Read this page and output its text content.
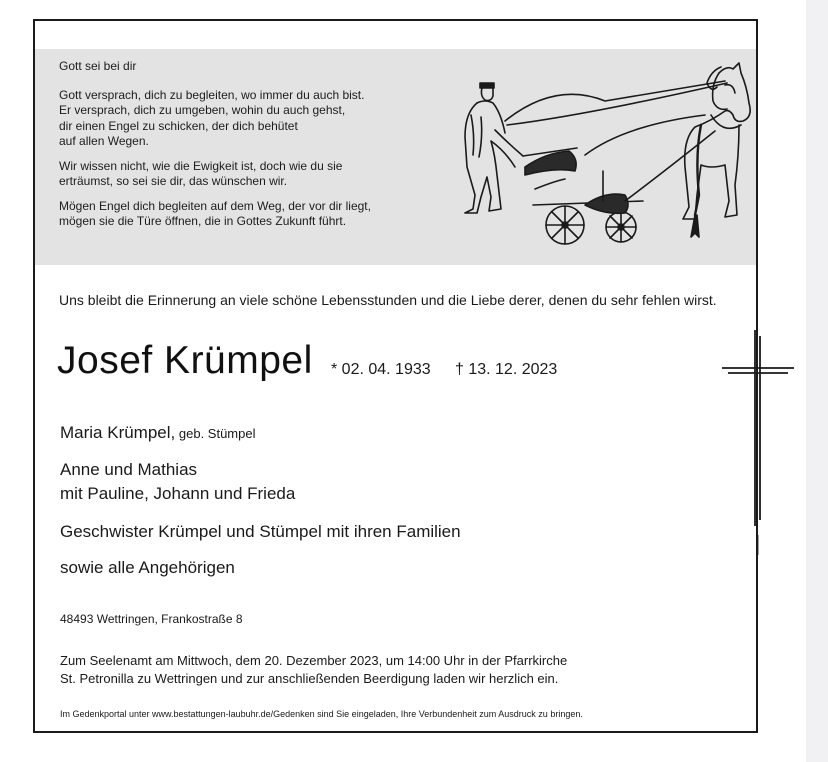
Gott sei bei dir

Gott versprach, dich zu begleiten, wo immer du auch bist.
Er versprach, dich zu umgeben, wohin du auch gehst,
dir einen Engel zu schicken, der dich behütet
auf allen Wegen.

Wir wissen nicht, wie die Ewigkeit ist, doch wie du sie
erträumst, so sei sie dir, das wünschen wir.

Mögen Engel dich begleiten auf dem Weg, der vor dir liegt,
mögen sie die Türe öffnen, die in Gottes Zukunft führt.

Uns bleibt die Erinnerung an viele schöne Lebensstunden und die Liebe derer, denen du sehr fehlen wirst.
Josef Krümpel * 02. 04. 1933 † 13. 12. 2023
Maria Krümpel, geb. Stümpel
Anne und Mathias
mit Pauline, Johann und Frieda
Geschwister Krümpel und Stümpel mit ihren Familien
sowie alle Angehörigen
48493 Wettringen, Frankostraße 8
Zum Seelenamt am Mittwoch, dem 20. Dezember 2023, um 14:00 Uhr in der Pfarrkirche
St. Petronilla zu Wettringen und zur anschließenden Beerdigung laden wir herzlich ein.
Im Gedenkportal unter www.bestattungen-laubuhr.de/Gedenken sind Sie eingeladen, Ihre Verbundenheit zum Ausdruck zu bringen.
